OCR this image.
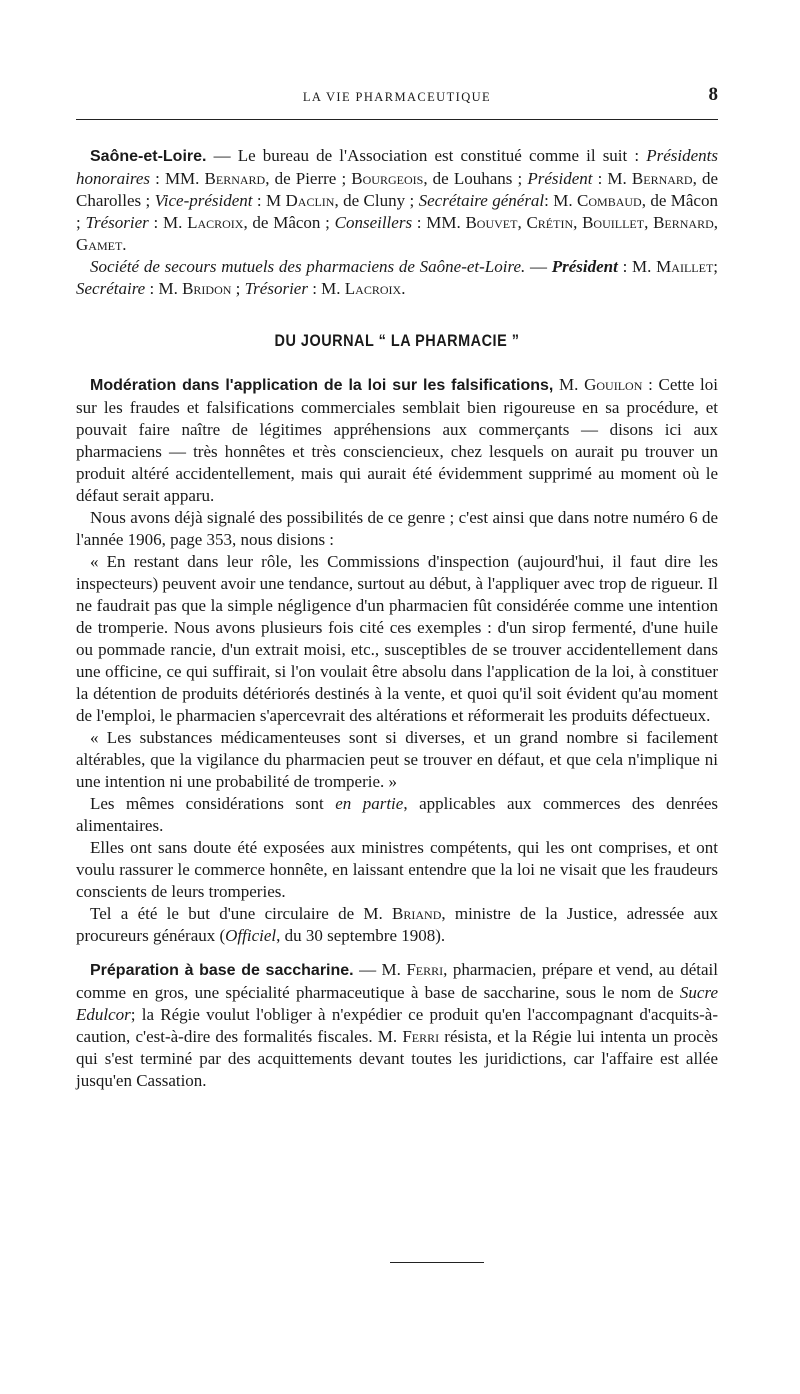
LA VIE PHARMACEUTIQUE	8

Saône-et-Loire. — Le bureau de l'Association est constitué comme il suit : Présidents honoraires : MM. Bernard, de Pierre ; Bourgeois, de Louhans ; Président : M. Bernard, de Charolles ; Vice-président : M Daclin, de Cluny ; Secrétaire général: M. Combaud, de Mâcon ; Trésorier : M. Lacroix, de Mâcon ; Conseillers : MM. Bouvet, Crétin, Bouillet, Bernard, Gamet.

Société de secours mutuels des pharmaciens de Saône-et-Loire. — Président : M. Maillet; Secrétaire : M. Bridon ; Trésorier : M. Lacroix.

DU JOURNAL “ LA PHARMACIE ”

Modération dans l'application de la loi sur les falsifications, M. Gouilon : Cette loi sur les fraudes et falsifications commerciales semblait bien rigoureuse en sa procédure, et pouvait faire naître de légitimes appréhensions aux commerçants — disons ici aux pharmaciens — très honnêtes et très consciencieux, chez lesquels on aurait pu trouver un produit altéré accidentellement, mais qui aurait été évidemment supprimé au moment où le défaut serait apparu.

Nous avons déjà signalé des possibilités de ce genre ; c'est ainsi que dans notre numéro 6 de l'année 1906, page 353, nous disions :

« En restant dans leur rôle, les Commissions d'inspection (aujourd'hui, il faut dire les inspecteurs) peuvent avoir une tendance, surtout au début, à l'appliquer avec trop de rigueur. Il ne faudrait pas que la simple négligence d'un pharmacien fût considérée comme une intention de tromperie. Nous avons plusieurs fois cité ces exemples : d'un sirop fermenté, d'une huile ou pommade rancie, d'un extrait moisi, etc., susceptibles de se trouver accidentellement dans une officine, ce qui suffirait, si l'on voulait être absolu dans l'application de la loi, à constituer la détention de produits détériorés destinés à la vente, et quoi qu'il soit évident qu'au moment de l'emploi, le pharmacien s'apercevrait des altérations et réformerait les produits défectueux.

« Les substances médicamenteuses sont si diverses, et un grand nombre si facilement altérables, que la vigilance du pharmacien peut se trouver en défaut, et que cela n'implique ni une intention ni une probabilité de tromperie. »

Les mêmes considérations sont en partie, applicables aux commerces des denrées alimentaires.

Elles ont sans doute été exposées aux ministres compétents, qui les ont comprises, et ont voulu rassurer le commerce honnête, en laissant entendre que la loi ne visait que les fraudeurs conscients de leurs tromperies.

Tel a été le but d'une circulaire de M. Briand, ministre de la Justice, adressée aux procureurs généraux (Officiel, du 30 septembre 1908).

Préparation à base de saccharine. — M. Ferri, pharmacien, prépare et vend, au détail comme en gros, une spécialité pharmaceutique à base de saccharine, sous le nom de Sucre Edulcor; la Régie voulut l'obliger à n'expédier ce produit qu'en l'accompagnant d'acquits-à-caution, c'est-à-dire des formalités fiscales. M. Ferri résista, et la Régie lui intenta un procès qui s'est terminé par des acquittements devant toutes les juridictions, car l'affaire est allée jusqu'en Cassation.
